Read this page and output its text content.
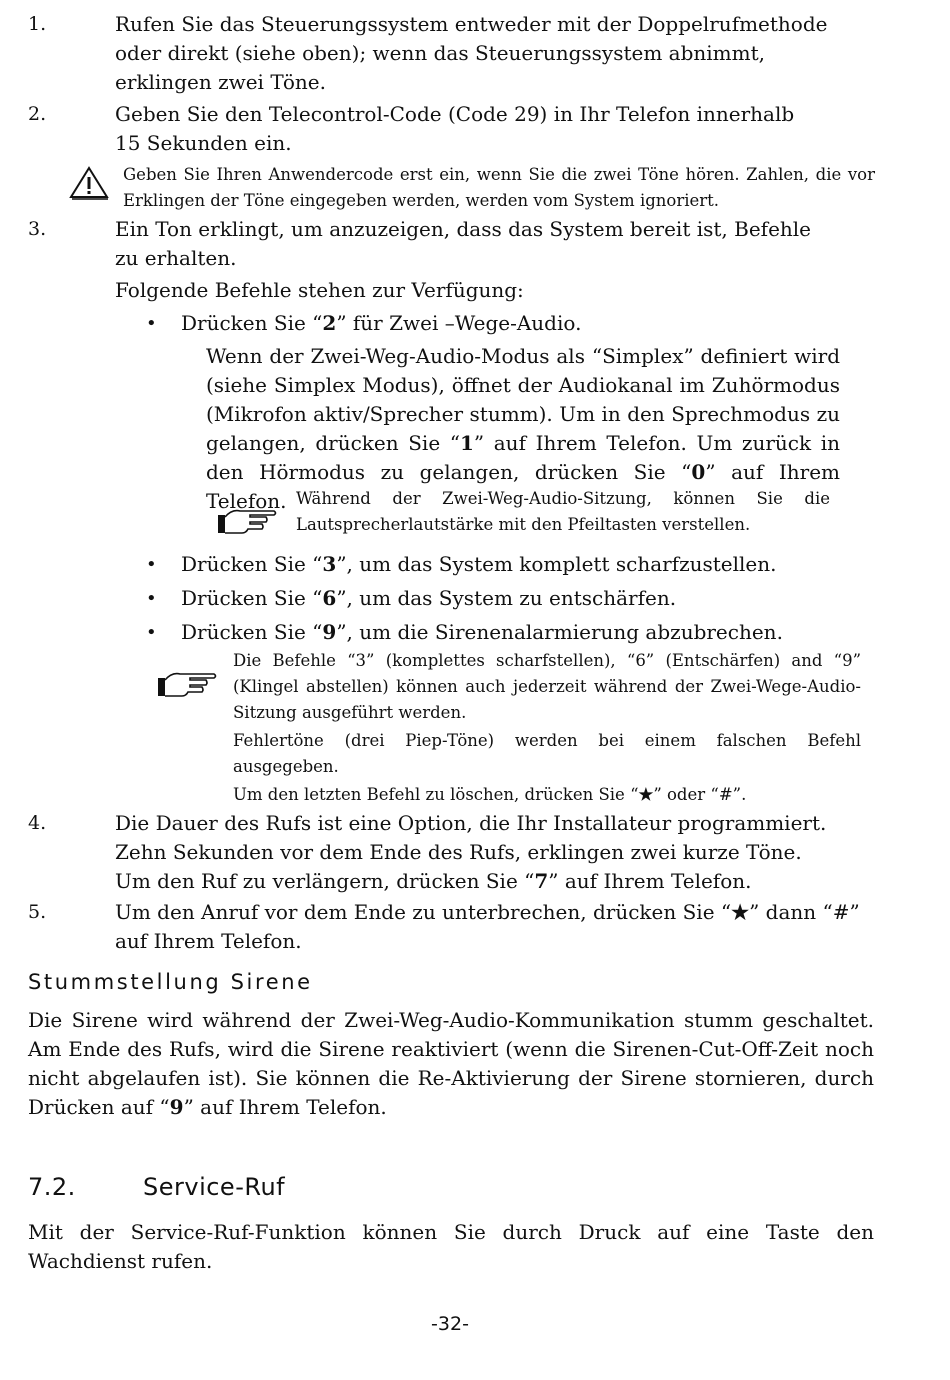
1.	Rufen Sie das Steuerungssystem entweder mit der Doppelrufmethode oder direkt (siehe oben); wenn das Steuerungssystem abnimmt, erklingen zwei Töne.
2.	Geben Sie den Telecontrol-Code (Code 29) in Ihr Telefon innerhalb 15 Sekunden ein.
Geben Sie Ihren Anwendercode erst ein, wenn Sie die zwei Töne hören. Zahlen, die vor Erklingen der Töne eingegeben werden, werden vom System ignoriert.
3.	Ein Ton erklingt, um anzuzeigen, dass das System bereit ist, Befehle zu erhalten.
Folgende Befehle stehen zur Verfügung:
• Drücken Sie “2” für Zwei –Wege-Audio.
Wenn der Zwei-Weg-Audio-Modus als “Simplex” definiert wird (siehe Simplex Modus), öffnet der Audiokanal im Zuhörmodus (Mikrofon aktiv/Sprecher stumm). Um in den Sprechmodus zu gelangen, drücken Sie “1” auf Ihrem Telefon. Um zurück in den Hörmodus zu gelangen, drücken Sie “0” auf Ihrem Telefon. Während der Zwei-Weg-Audio-Sitzung, können Sie die Lautsprecherlautstärke mit den Pfeiltasten verstellen.
• Drücken Sie “3”, um das System komplett scharfzustellen.
• Drücken Sie “6”, um das System zu entschärfen.
• Drücken Sie “9”, um die Sirenenalarmierung abzubrechen.
Die Befehle “3” (komplettes scharfstellen), “6” (Entschärfen) and “9” (Klingel abstellen) können auch jederzeit während der Zwei-Wege-Audio-Sitzung ausgeführt werden.
Fehlertöne (drei Piep-Töne) werden bei einem falschen Befehl ausgegeben.
Um den letzten Befehl zu löschen, drücken Sie “★” oder “#”.
4.	Die Dauer des Rufs ist eine Option, die Ihr Installateur programmiert. Zehn Sekunden vor dem Ende des Rufs, erklingen zwei kurze Töne. Um den Ruf zu verlängern, drücken Sie “7” auf Ihrem Telefon.
5.	Um den Anruf vor dem Ende zu unterbrechen, drücken Sie “★” dann “#” auf Ihrem Telefon.
Stummstellung Sirene
Die Sirene wird während der Zwei-Weg-Audio-Kommunikation stumm geschaltet. Am Ende des Rufs, wird die Sirene reaktiviert (wenn die Sirenen-Cut-Off-Zeit noch nicht abgelaufen ist). Sie können die Re-Aktivierung der Sirene stornieren, durch Drücken auf “9” auf Ihrem Telefon.
7.2.	Service-Ruf
Mit der Service-Ruf-Funktion können Sie durch Druck auf eine Taste den Wachdienst rufen.
-32-
